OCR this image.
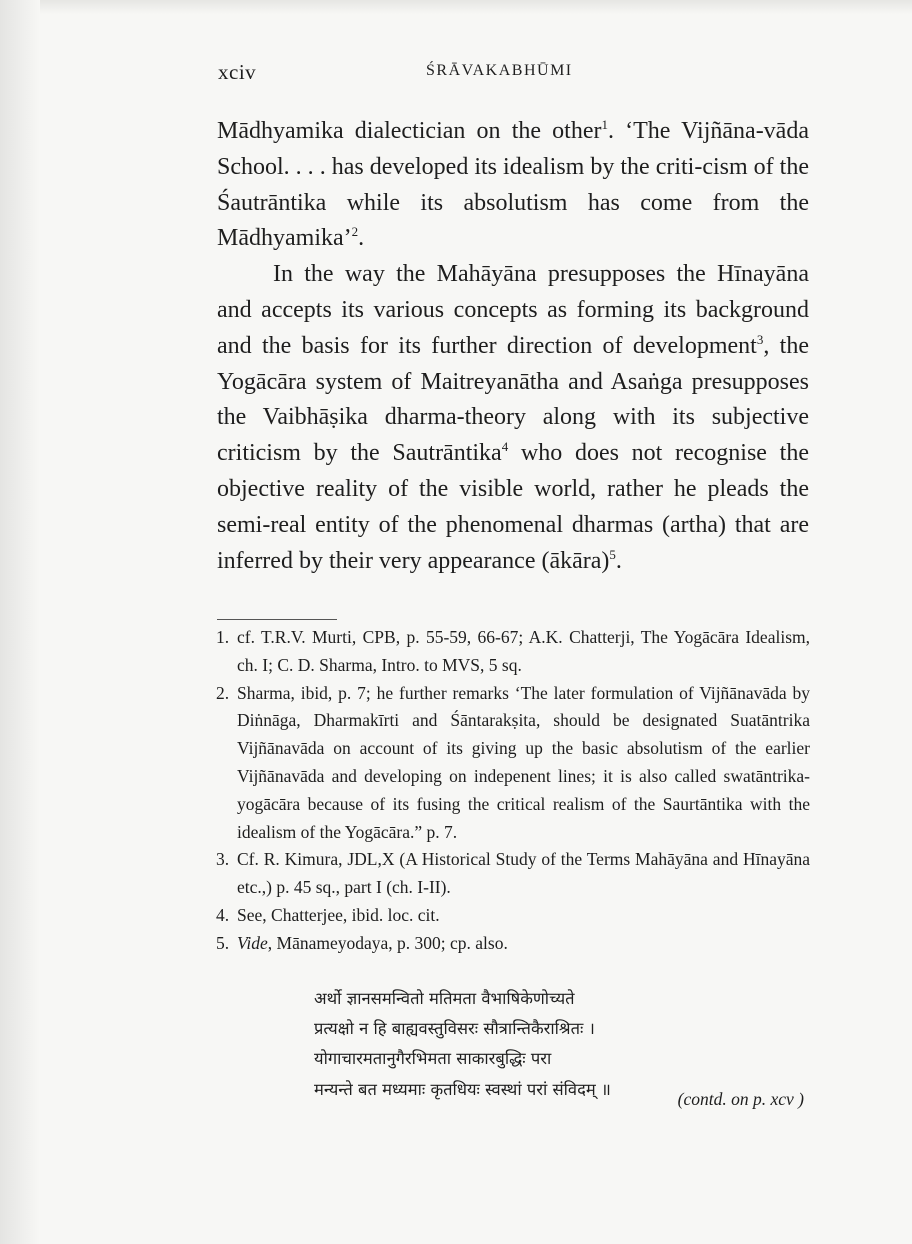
xciv	ŚRĀVAKABHŪMI

Mādhyamika dialectician on the other$^1$. ‘The Vijñāna-vāda School. . . . has developed its idealism by the criti-cism of the Śautrāntika while its absolutism has come from the Mādhyamika’$^2$.

In the way the Mahāyāna presupposes the Hīnayāna and accepts its various concepts as forming its background and the basis for its further direction of development$^3$, the Yogācāra system of Maitreyanātha and Asaṅga presupposes the Vaibhāṣika dharma-theory along with its subjective criticism by the Sautrāntika$^4$ who does not recognise the objective reality of the visible world, rather he pleads the semi-real entity of the phenomenal dharmas (artha) that are inferred by their very appearance (ākāra)$^5$.

1. cf. T.R.V. Murti, CPB, p. 55-59, 66-67; A.K. Chatterji, The Yogācāra Idealism, ch. I; C. D. Sharma, Intro. to MVS, 5 sq.
2. Sharma, ibid, p. 7; he further remarks ‘The later formulation of Vijñānavāda by Diṅnāga, Dharmakīrti and Śāntarakṣita, should be designated Suatāntrika Vijñānavāda on account of its giving up the basic absolutism of the earlier Vijñānavāda and developing on indepenent lines; it is also called swatāntrika-yogācāra because of its fusing the critical realism of the Saurtāntika with the idealism of the Yogācāra.” p. 7.
3. Cf. R. Kimura, JDL,X (A Historical Study of the Terms Mahāyāna and Hīnayāna etc.,) p. 45 sq., part I (ch. I-II).
4. See, Chatterjee, ibid. loc. cit.
5. Vide, Mānameyodaya, p. 300; cp. also.
अर्थो ज्ञानसमन्वितो मतिमता वैभाषिकेणोच्यते
प्रत्यक्षो न हि बाह्यवस्तुविसरः सौत्रान्तिकैराश्रितः ।
योगाचारमतानुगैरभिमता साकारबुद्धिः परा
मन्यन्ते बत मध्यमाः कृतधियः स्वस्थां परां संविदम् ॥	(contd. on p. xcv )
